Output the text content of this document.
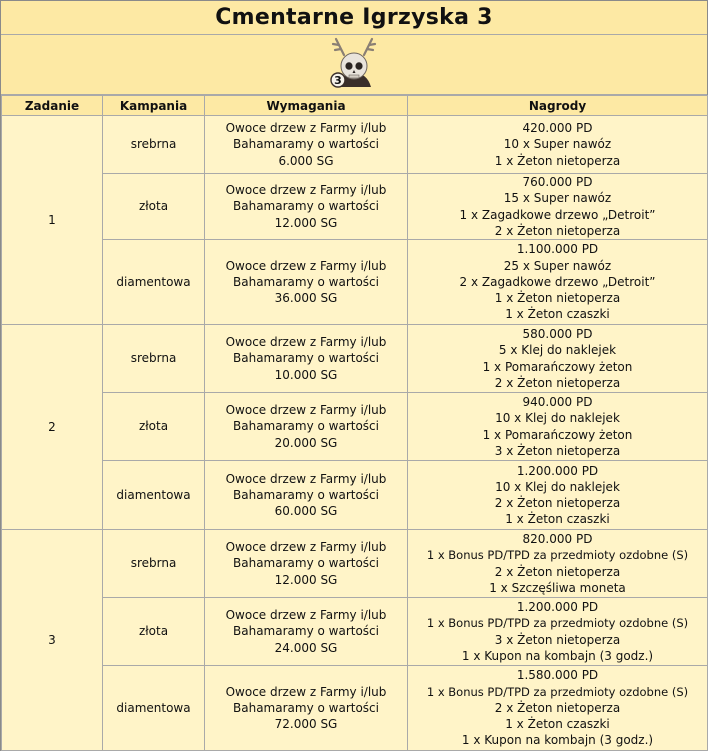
Cmentarne Igrzyska 3
3
Zadanie	Kampania	Wymagania	Nagrody
1	srebrna	Owoce drzew z Farmy i/lub
Bahamaramy o wartości
6.000 SG	420.000 PD
10 x Super nawóz
1 x Żeton nietoperza

	złota	Owoce drzew z Farmy i/lub
Bahamaramy o wartości
12.000 SG	760.000 PD
15 x Super nawóz
1 x Zagadkowe drzewo „Detroit”
2 x Żeton nietoperza

	diamentowa	Owoce drzew z Farmy i/lub
Bahamaramy o wartości
36.000 SG	1.100.000 PD
25 x Super nawóz
2 x Zagadkowe drzewo „Detroit”
1 x Żeton nietoperza
1 x Żeton czaszki

2	srebrna	Owoce drzew z Farmy i/lub
Bahamaramy o wartości
10.000 SG	580.000 PD
5 x Klej do naklejek
1 x Pomarańczowy żeton
2 x Żeton nietoperza

	złota	Owoce drzew z Farmy i/lub
Bahamaramy o wartości
20.000 SG	940.000 PD
10 x Klej do naklejek
1 x Pomarańczowy żeton
3 x Żeton nietoperza

	diamentowa	Owoce drzew z Farmy i/lub
Bahamaramy o wartości
60.000 SG	1.200.000 PD
10 x Klej do naklejek
2 x Żeton nietoperza
1 x Żeton czaszki

3	srebrna	Owoce drzew z Farmy i/lub
Bahamaramy o wartości
12.000 SG	820.000 PD
1 x Bonus PD/TPD za przedmioty ozdobne (S)
2 x Żeton nietoperza
1 x Szczęśliwa moneta

	złota	Owoce drzew z Farmy i/lub
Bahamaramy o wartości
24.000 SG	1.200.000 PD
1 x Bonus PD/TPD za przedmioty ozdobne (S)
3 x Żeton nietoperza
1 x Kupon na kombajn (3 godz.)

	diamentowa	Owoce drzew z Farmy i/lub
Bahamaramy o wartości
72.000 SG	1.580.000 PD
1 x Bonus PD/TPD za przedmioty ozdobne (S)
2 x Żeton nietoperza
1 x Żeton czaszki
1 x Kupon na kombajn (3 godz.)
